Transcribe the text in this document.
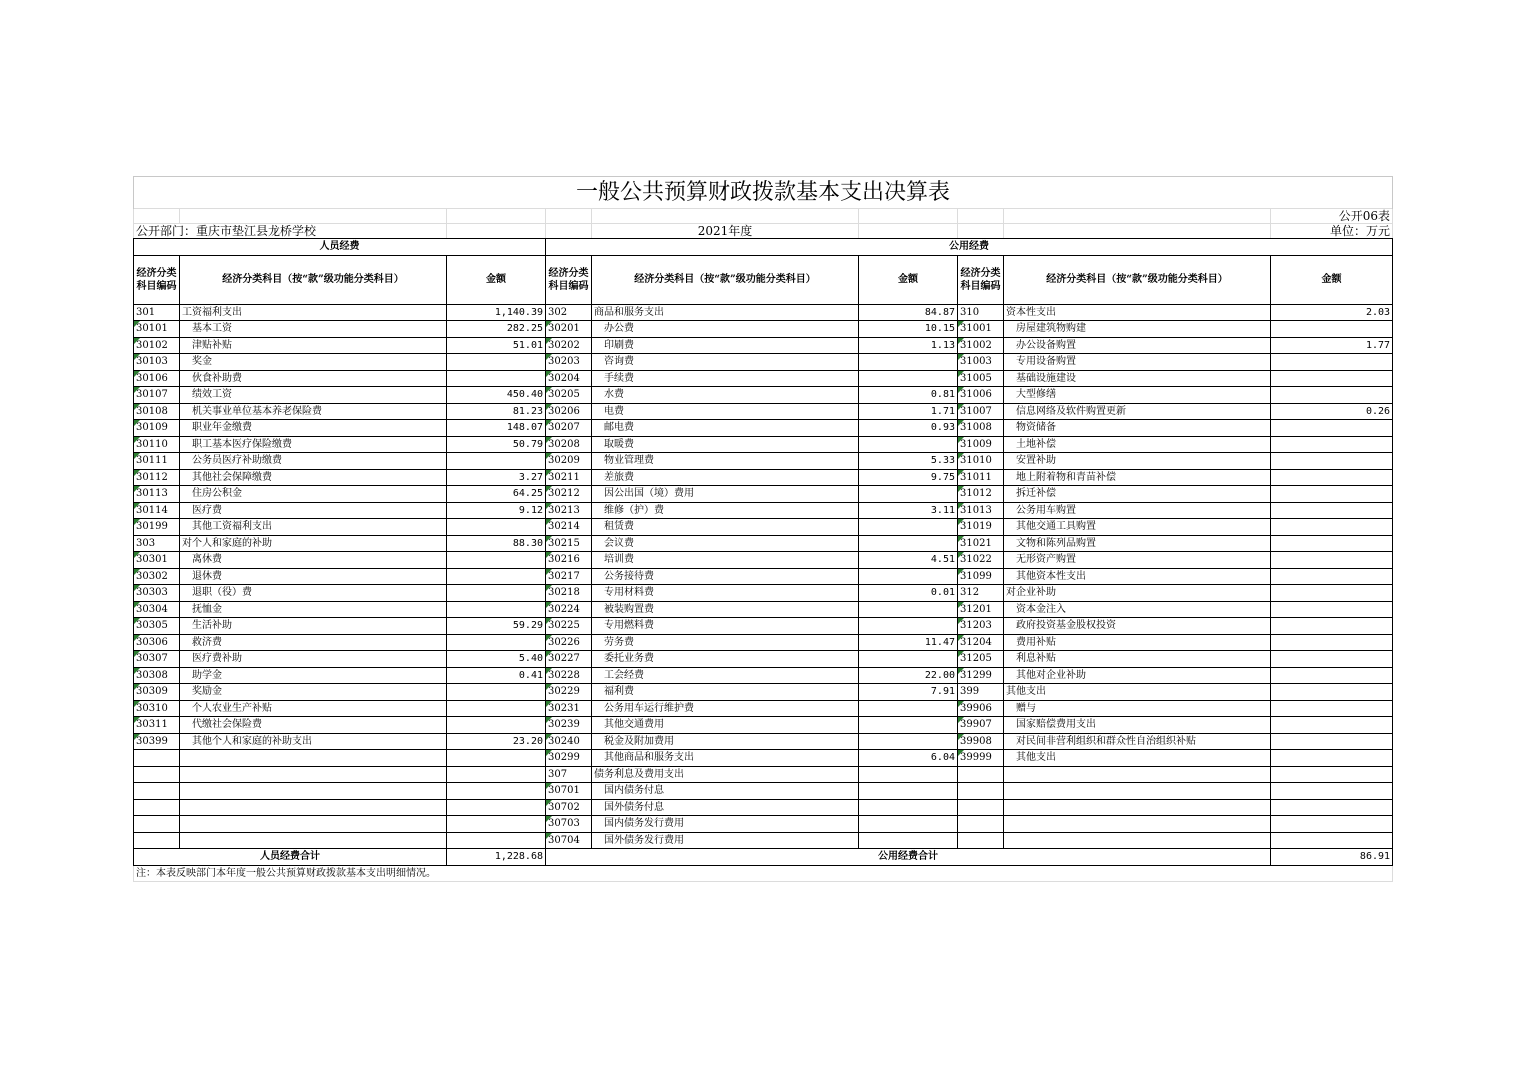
一般公共预算财政拨款基本支出决算表								
								公开06表
公开部门：重庆市垫江县龙桥学校				2021年度				单位：万元
人员经费			公用经费					
经济分类科目编码	经济分类科目（按“款”级功能分类科目）	金额	经济分类科目编码	经济分类科目（按“款”级功能分类科目）	金额	经济分类科目编码	经济分类科目（按“款”级功能分类科目）	金额
301	工资福利支出	1,140.39	302	商品和服务支出	84.87	310	资本性支出	2.03
30101	基本工资	282.25	30201	办公费	10.15	31001	房屋建筑物购建	
30102	津贴补贴	51.01	30202	印刷费	1.13	31002	办公设备购置	1.77
30103	奖金		30203	咨询费		31003	专用设备购置	
30106	伙食补助费		30204	手续费		31005	基础设施建设	
30107	绩效工资	450.40	30205	水费	0.81	31006	大型修缮	
30108	机关事业单位基本养老保险费	81.23	30206	电费	1.71	31007	信息网络及软件购置更新	0.26
30109	职业年金缴费	148.07	30207	邮电费	0.93	31008	物资储备	
30110	职工基本医疗保险缴费	50.79	30208	取暖费		31009	土地补偿	
30111	公务员医疗补助缴费		30209	物业管理费	5.33	31010	安置补助	
30112	其他社会保障缴费	3.27	30211	差旅费	9.75	31011	地上附着物和青苗补偿	
30113	住房公积金	64.25	30212	因公出国（境）费用		31012	拆迁补偿	
30114	医疗费	9.12	30213	维修（护）费	3.11	31013	公务用车购置	
30199	其他工资福利支出		30214	租赁费		31019	其他交通工具购置	
303	对个人和家庭的补助	88.30	30215	会议费		31021	文物和陈列品购置	
30301	离休费		30216	培训费	4.51	31022	无形资产购置	
30302	退休费		30217	公务接待费		31099	其他资本性支出	
30303	退职（役）费		30218	专用材料费	0.01	312	对企业补助	
30304	抚恤金		30224	被装购置费		31201	资本金注入	
30305	生活补助	59.29	30225	专用燃料费		31203	政府投资基金股权投资	
30306	救济费		30226	劳务费	11.47	31204	费用补贴	
30307	医疗费补助	5.40	30227	委托业务费		31205	利息补贴	
30308	助学金	0.41	30228	工会经费	22.00	31299	其他对企业补助	
30309	奖励金		30229	福利费	7.91	399	其他支出	
30310	个人农业生产补贴		30231	公务用车运行维护费		39906	赠与	
30311	代缴社会保险费		30239	其他交通费用		39907	国家赔偿费用支出	
30399	其他个人和家庭的补助支出	23.20	30240	税金及附加费用		39908	对民间非营利组织和群众性自治组织补贴	
			30299	其他商品和服务支出	6.04	39999	其他支出	
			307	债务利息及费用支出				
			30701	国内债务付息				
			30702	国外债务付息				
			30703	国内债务发行费用				
			30704	国外债务发行费用				
人员经费合计		1,228.68	公用经费合计					86.91
注：本表反映部门本年度一般公共预算财政拨款基本支出明细情况。								
